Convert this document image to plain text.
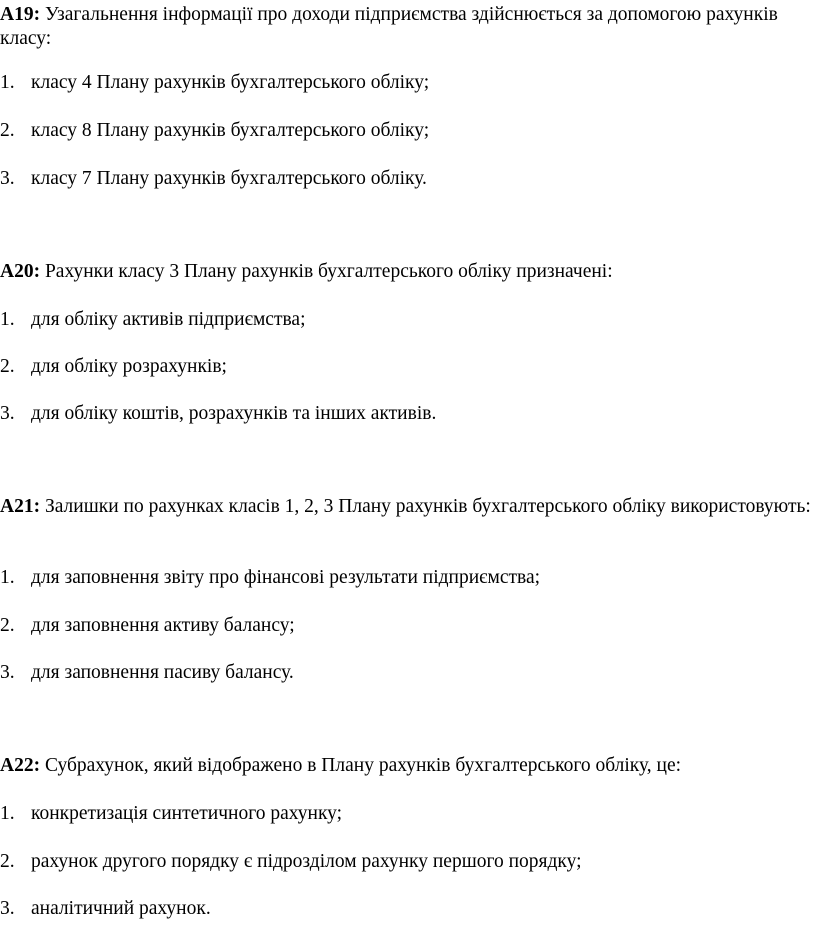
A19: Узагальнення інформації про доходи підприємства здійснюється за допомогою рахунків класу:

1. класу 4 Плану рахунків бухгалтерського обліку;
2. класу 8 Плану рахунків бухгалтерського обліку;
3. класу 7 Плану рахунків бухгалтерського обліку.

A20: Рахунки класу 3 Плану рахунків бухгалтерського обліку призначені:

1. для обліку активів підприємства;
2. для обліку розрахунків;
3. для обліку коштів, розрахунків та інших активів.

A21: Залишки по рахунках класів 1, 2, 3 Плану рахунків бухгалтерського обліку використовують:

1. для заповнення звіту про фінансові результати підприємства;
2. для заповнення активу балансу;
3. для заповнення пасиву балансу.

A22: Субрахунок, який відображено в Плану рахунків бухгалтерського обліку, це:

1. конкретизація синтетичного рахунку;
2. рахунок другого порядку є підрозділом рахунку першого порядку;
3. аналітичний рахунок.
